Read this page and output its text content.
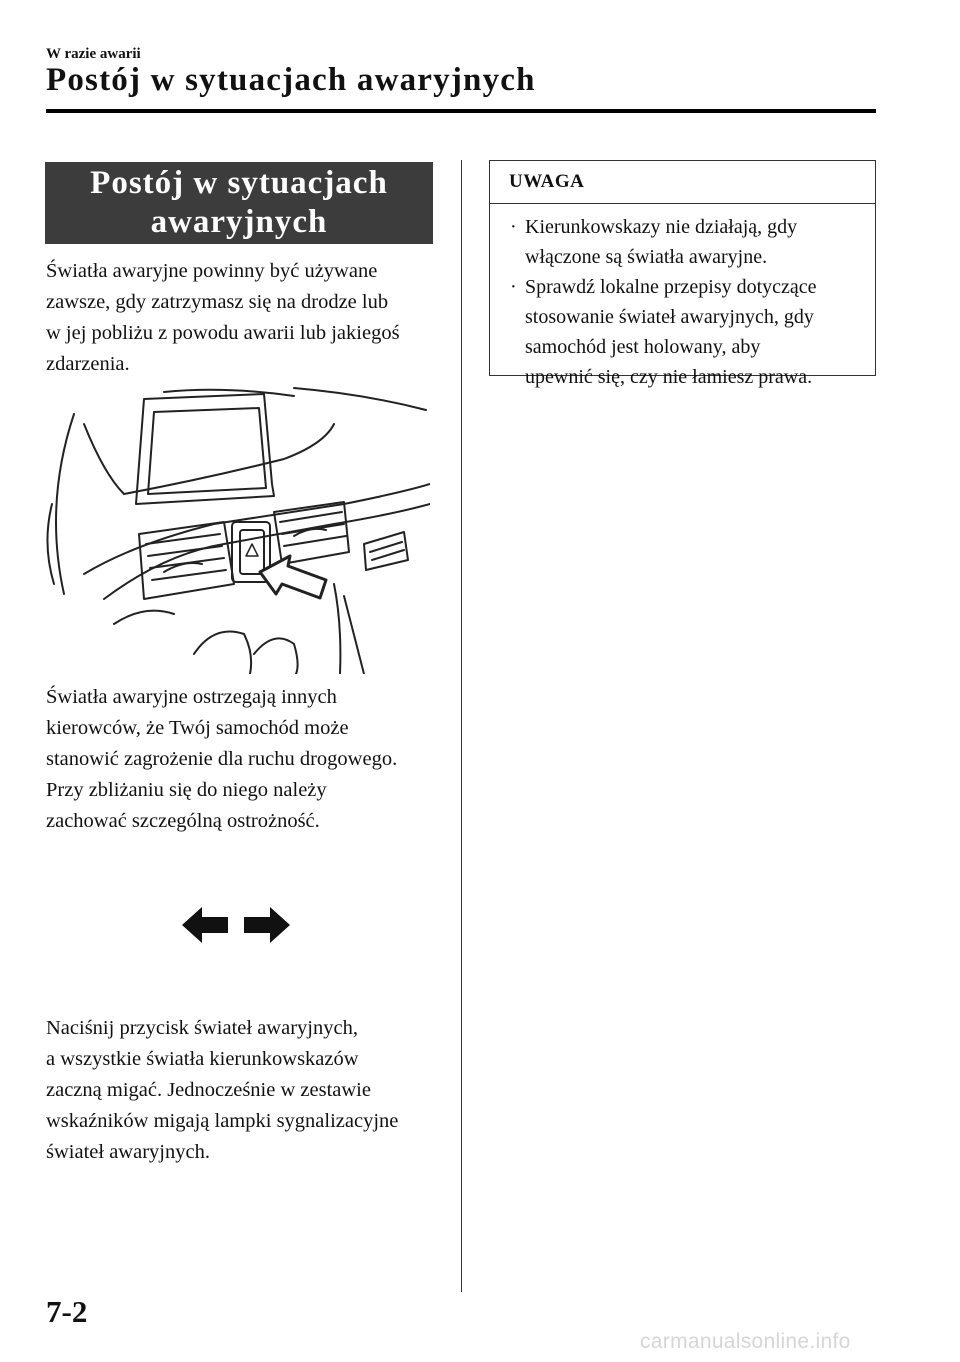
W razie awarii
Postój w sytuacjach awaryjnych
Postój w sytuacjach
awaryjnych

Światła awaryjne powinny być używane

zawsze, gdy zatrzymasz się na drodze lub

w jej pobliżu z powodu awarii lub jakiegoś

zdarzenia.

Światła awaryjne ostrzegają innych

kierowców, że Twój samochód może

stanowić zagrożenie dla ruchu drogowego.

Przy zbliżaniu się do niego należy

zachować szczególną ostrożność.

Naciśnij przycisk świateł awaryjnych,

a wszystkie światła kierunkowskazów

zaczną migać. Jednocześnie w zestawie

wskaźników migają lampki sygnalizacyjne

świateł awaryjnych.

UWAGA
· Kierunkowskazy nie działają, gdy

włączone są światła awaryjne.

· Sprawdź lokalne przepisy dotyczące

stosowanie świateł awaryjnych, gdy

samochód jest holowany, aby

upewnić się, czy nie łamiesz prawa.

7-2
carmanualsonline.info
